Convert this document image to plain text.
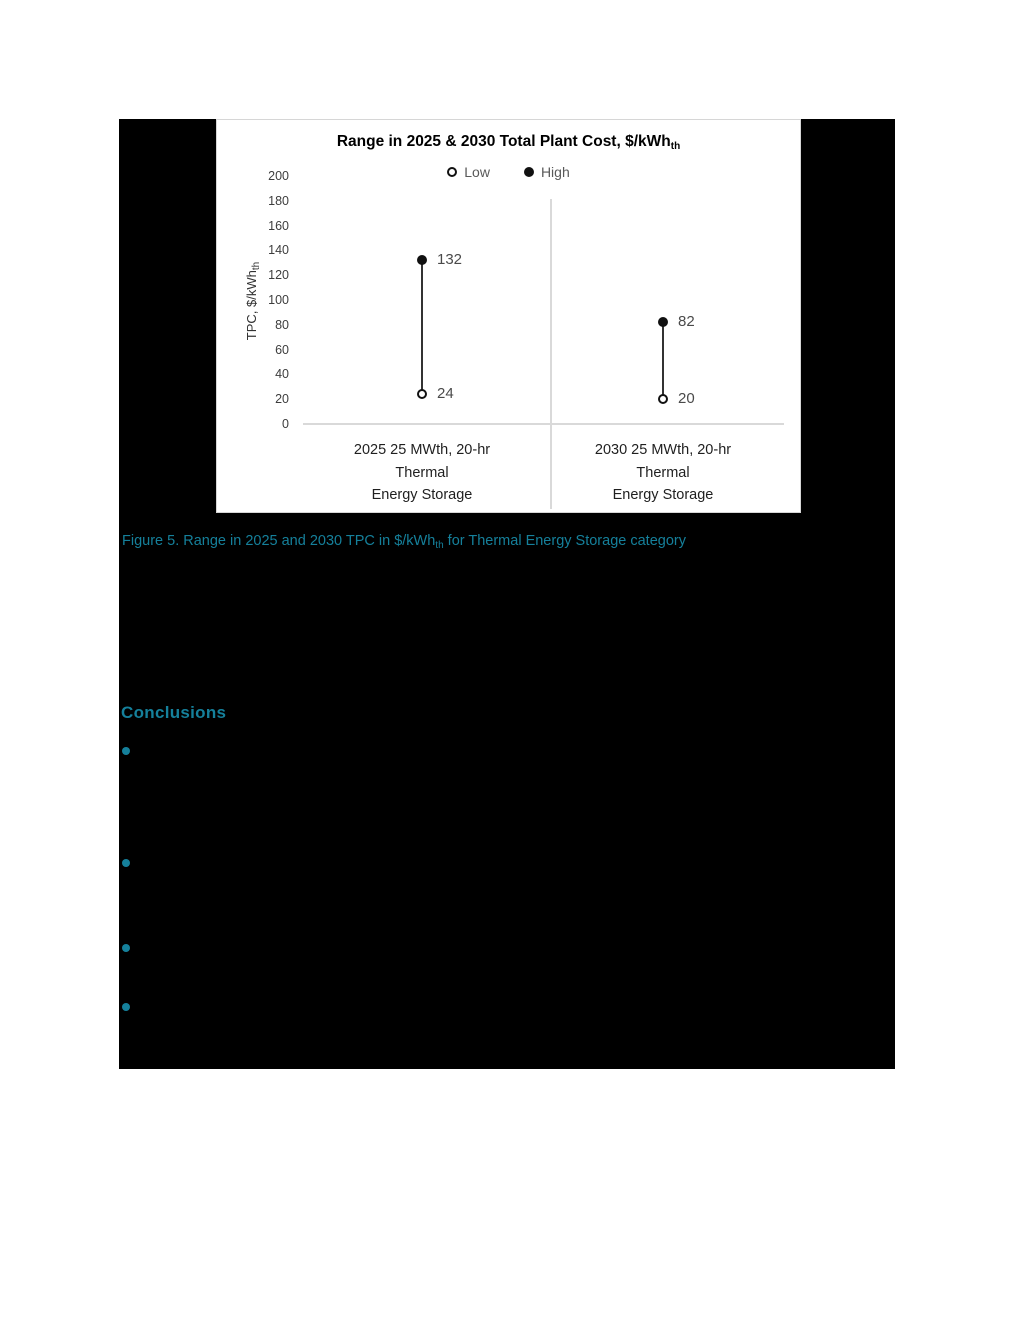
Range in 2025 & 2030 Total Plant Cost, $/kWh$_{th}$
Low	High
TPC, $/kWh$_{th}$
0
20
40
60
80
100
120
140
160
180
200
132
24
2025 25 MWth, 20-hr
Thermal
Energy Storage
82
20
2030 25 MWth, 20-hr
Thermal
Energy Storage
Figure 5. Range in 2025 and 2030 TPC in $/kWh$_{th}$ for Thermal Energy Storage category
Conclusions
